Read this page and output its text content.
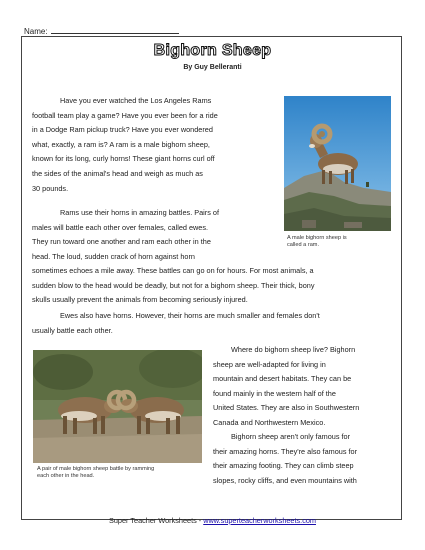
Name:
Bighorn Sheep
By Guy Belleranti
Have you ever watched the Los Angeles Rams
football team play a game? Have you ever been for a ride
in a Dodge Ram pickup truck? Have you ever wondered
what, exactly, a ram is? A ram is a male bighorn sheep,
known for its long, curly horns! These giant horns curl off
the sides of the animal's head and weigh as much as
30 pounds.
Rams use their horns in amazing battles. Pairs of
males will battle each other over females, called ewes.
They run toward one another and ram each other in the
head. The loud, sudden crack of horn against horn
sometimes echoes a mile away. These battles can go on for hours. For most animals, a
sudden blow to the head would be deadly, but not for a bighorn sheep. Their thick, bony
skulls usually prevent the animals from becoming seriously injured.
Ewes also have horns. However, their horns are much smaller and females don't
usually battle each other.
Where do bighorn sheep live? Bighorn
sheep are well-adapted for living in
mountain and desert habitats. They can be
found mainly in the western half of the
United States. They are also in Southwestern
Canada and Northwestern Mexico.
Bighorn sheep aren't only famous for
their amazing horns. They're also famous for
their amazing footing. They can climb steep
slopes, rocky cliffs, and even mountains with
A male bighorn sheep is
called a ram.
A pair of male bighorn sheep battle by ramming
each other in the head.
Super Teacher Worksheets - www.superteacherworksheets.com
